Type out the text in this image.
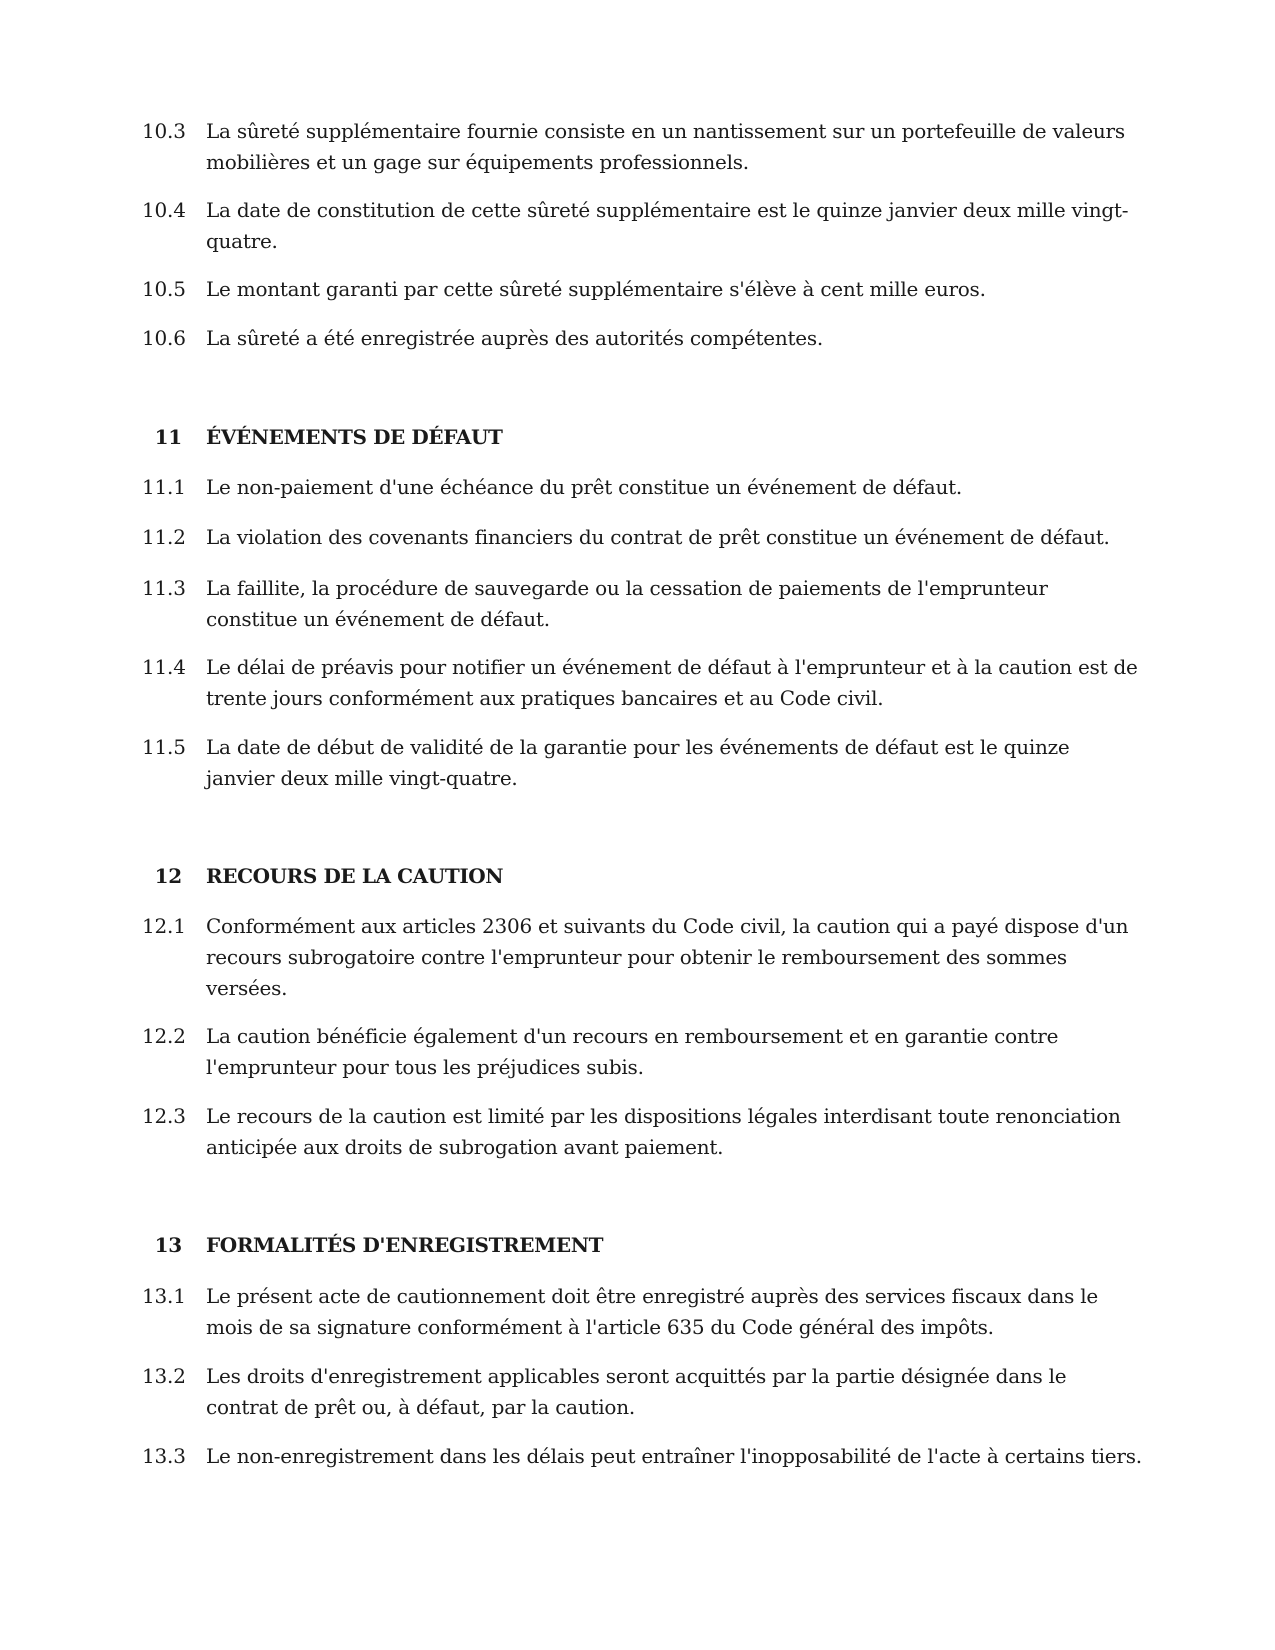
10.3	La sûreté supplémentaire fournie consiste en un nantissement sur un portefeuille de valeurs mobilières et un gage sur équipements professionnels.
10.4	La date de constitution de cette sûreté supplémentaire est le quinze janvier deux mille vingt-quatre.
10.5	Le montant garanti par cette sûreté supplémentaire s'élève à cent mille euros.
10.6	La sûreté a été enregistrée auprès des autorités compétentes.
11	ÉVÉNEMENTS DE DÉFAUT
11.1	Le non-paiement d'une échéance du prêt constitue un événement de défaut.
11.2	La violation des covenants financiers du contrat de prêt constitue un événement de défaut.
11.3	La faillite, la procédure de sauvegarde ou la cessation de paiements de l'emprunteur constitue un événement de défaut.
11.4	Le délai de préavis pour notifier un événement de défaut à l'emprunteur et à la caution est de trente jours conformément aux pratiques bancaires et au Code civil.
11.5	La date de début de validité de la garantie pour les événements de défaut est le quinze janvier deux mille vingt-quatre.
12	RECOURS DE LA CAUTION
12.1	Conformément aux articles 2306 et suivants du Code civil, la caution qui a payé dispose d'un recours subrogatoire contre l'emprunteur pour obtenir le remboursement des sommes versées.
12.2	La caution bénéficie également d'un recours en remboursement et en garantie contre l'emprunteur pour tous les préjudices subis.
12.3	Le recours de la caution est limité par les dispositions légales interdisant toute renonciation anticipée aux droits de subrogation avant paiement.
13	FORMALITÉS D'ENREGISTREMENT
13.1	Le présent acte de cautionnement doit être enregistré auprès des services fiscaux dans le mois de sa signature conformément à l'article 635 du Code général des impôts.
13.2	Les droits d'enregistrement applicables seront acquittés par la partie désignée dans le contrat de prêt ou, à défaut, par la caution.
13.3	Le non-enregistrement dans les délais peut entraîner l'inopposabilité de l'acte à certains tiers.
